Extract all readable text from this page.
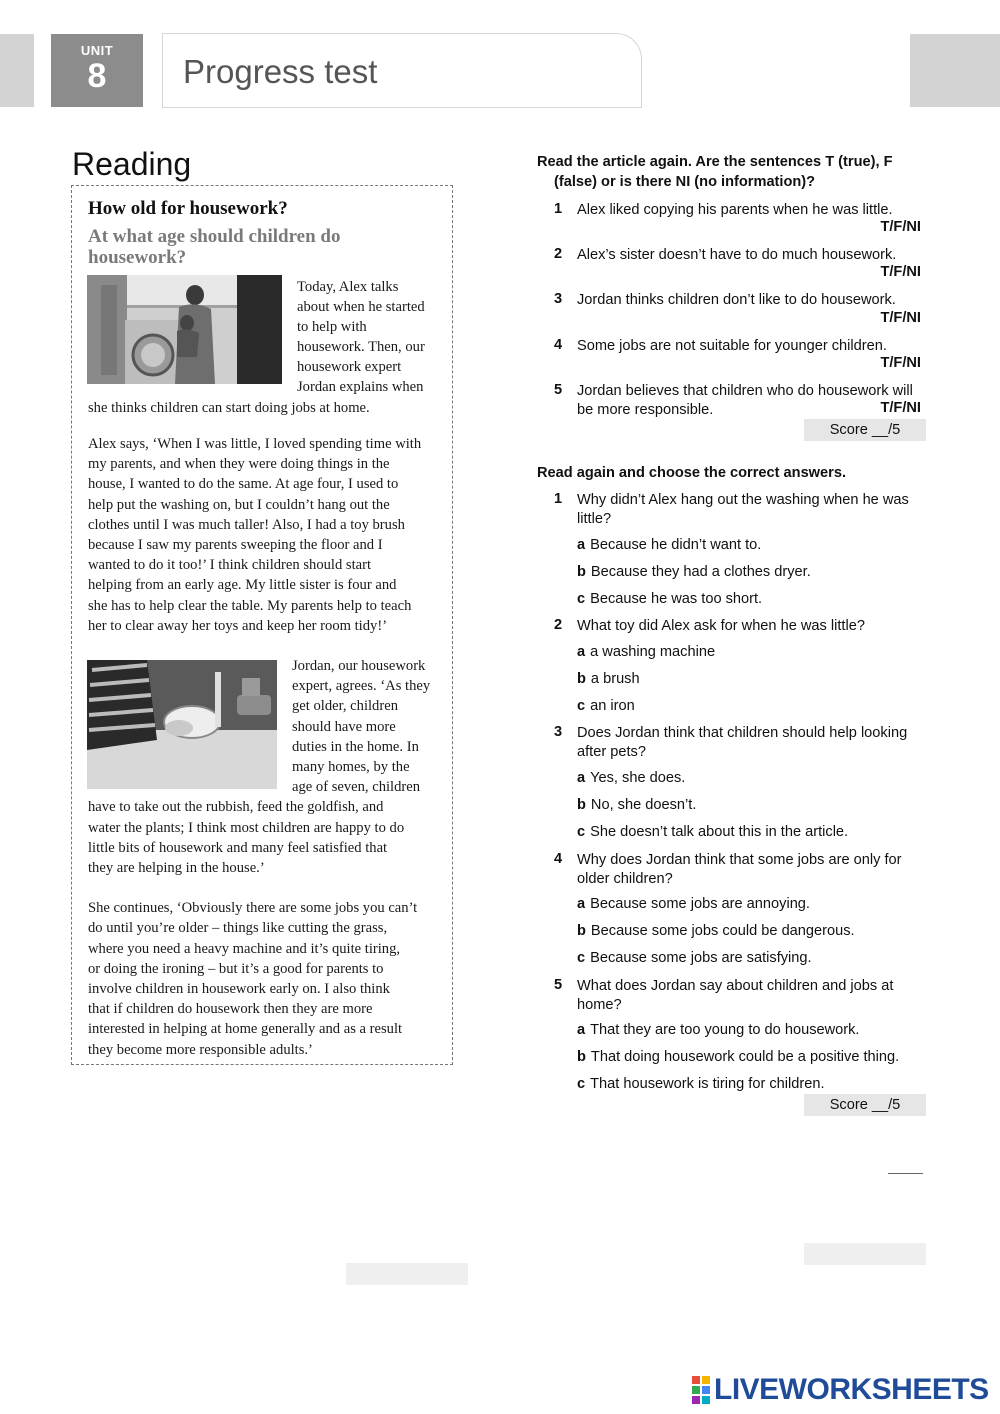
UNIT
8	Progress test
Reading
How old for housework?
At what age should children do housework?

Today, Alex talks

about when he started

to help with

housework. Then, our

housework expert

Jordan explains when

she thinks children can start doing jobs at home.

Alex says, ‘When I was little, I loved spending time with

my parents, and when they were doing things in the

house, I wanted to do the same. At age four, I used to

help put the washing on, but I couldn’t hang out the

clothes until I was much taller! Also, I had a toy brush

because I saw my parents sweeping the floor and I

wanted to do it too!’ I think children should start

helping from an early age. My little sister is four and

she has to help clear the table. My parents help to teach

her to clear away her toys and keep her room tidy!’

Jordan, our housework

expert, agrees. ‘As they

get older, children

should have more

duties in the home. In

many homes, by the

age of seven, children

have to take out the rubbish, feed the goldfish, and

water the plants; I think most children are happy to do

little bits of housework and many feel satisfied that

they are helping in the house.’

She continues, ‘Obviously there are some jobs you can’t

do until you’re older – things like cutting the grass,

where you need a heavy machine and it’s quite tiring,

or doing the ironing – but it’s a good for parents to

involve children in housework early on. I also think

that if children do housework then they are more

interested in helping at home generally and as a result

they become more responsible adults.’

Read the article again. Are the sentences T (true), F
(false) or is there NI (no information)?
1 Alex liked copying his parents when he was little.
T/F/NI
2 Alex’s sister doesn’t have to do much housework.
T/F/NI
3 Jordan thinks children don’t like to do housework.
T/F/NI
4 Some jobs are not suitable for younger children.
T/F/NI
5 Jordan believes that children who do housework will be more responsible.	T/F/NI
Score __/5
Read again and choose the correct answers.
1 Why didn’t Alex hang out the washing when he was little?
a Because he didn’t want to.
b Because they had a clothes dryer.
c Because he was too short.
2 What toy did Alex ask for when he was little?
a a washing machine
b a brush
c an iron
3 Does Jordan think that children should help looking after pets?
a Yes, she does.
b No, she doesn’t.
c She doesn’t talk about this in the article.
4 Why does Jordan think that some jobs are only for older children?
a Because some jobs are annoying.
b Because some jobs could be dangerous.
c Because some jobs are satisfying.
5 What does Jordan say about children and jobs at home?
a That they are too young to do housework.
b That doing housework could be a positive thing.
c That housework is tiring for children.
Score __/5
LIVEWORKSHEETS
